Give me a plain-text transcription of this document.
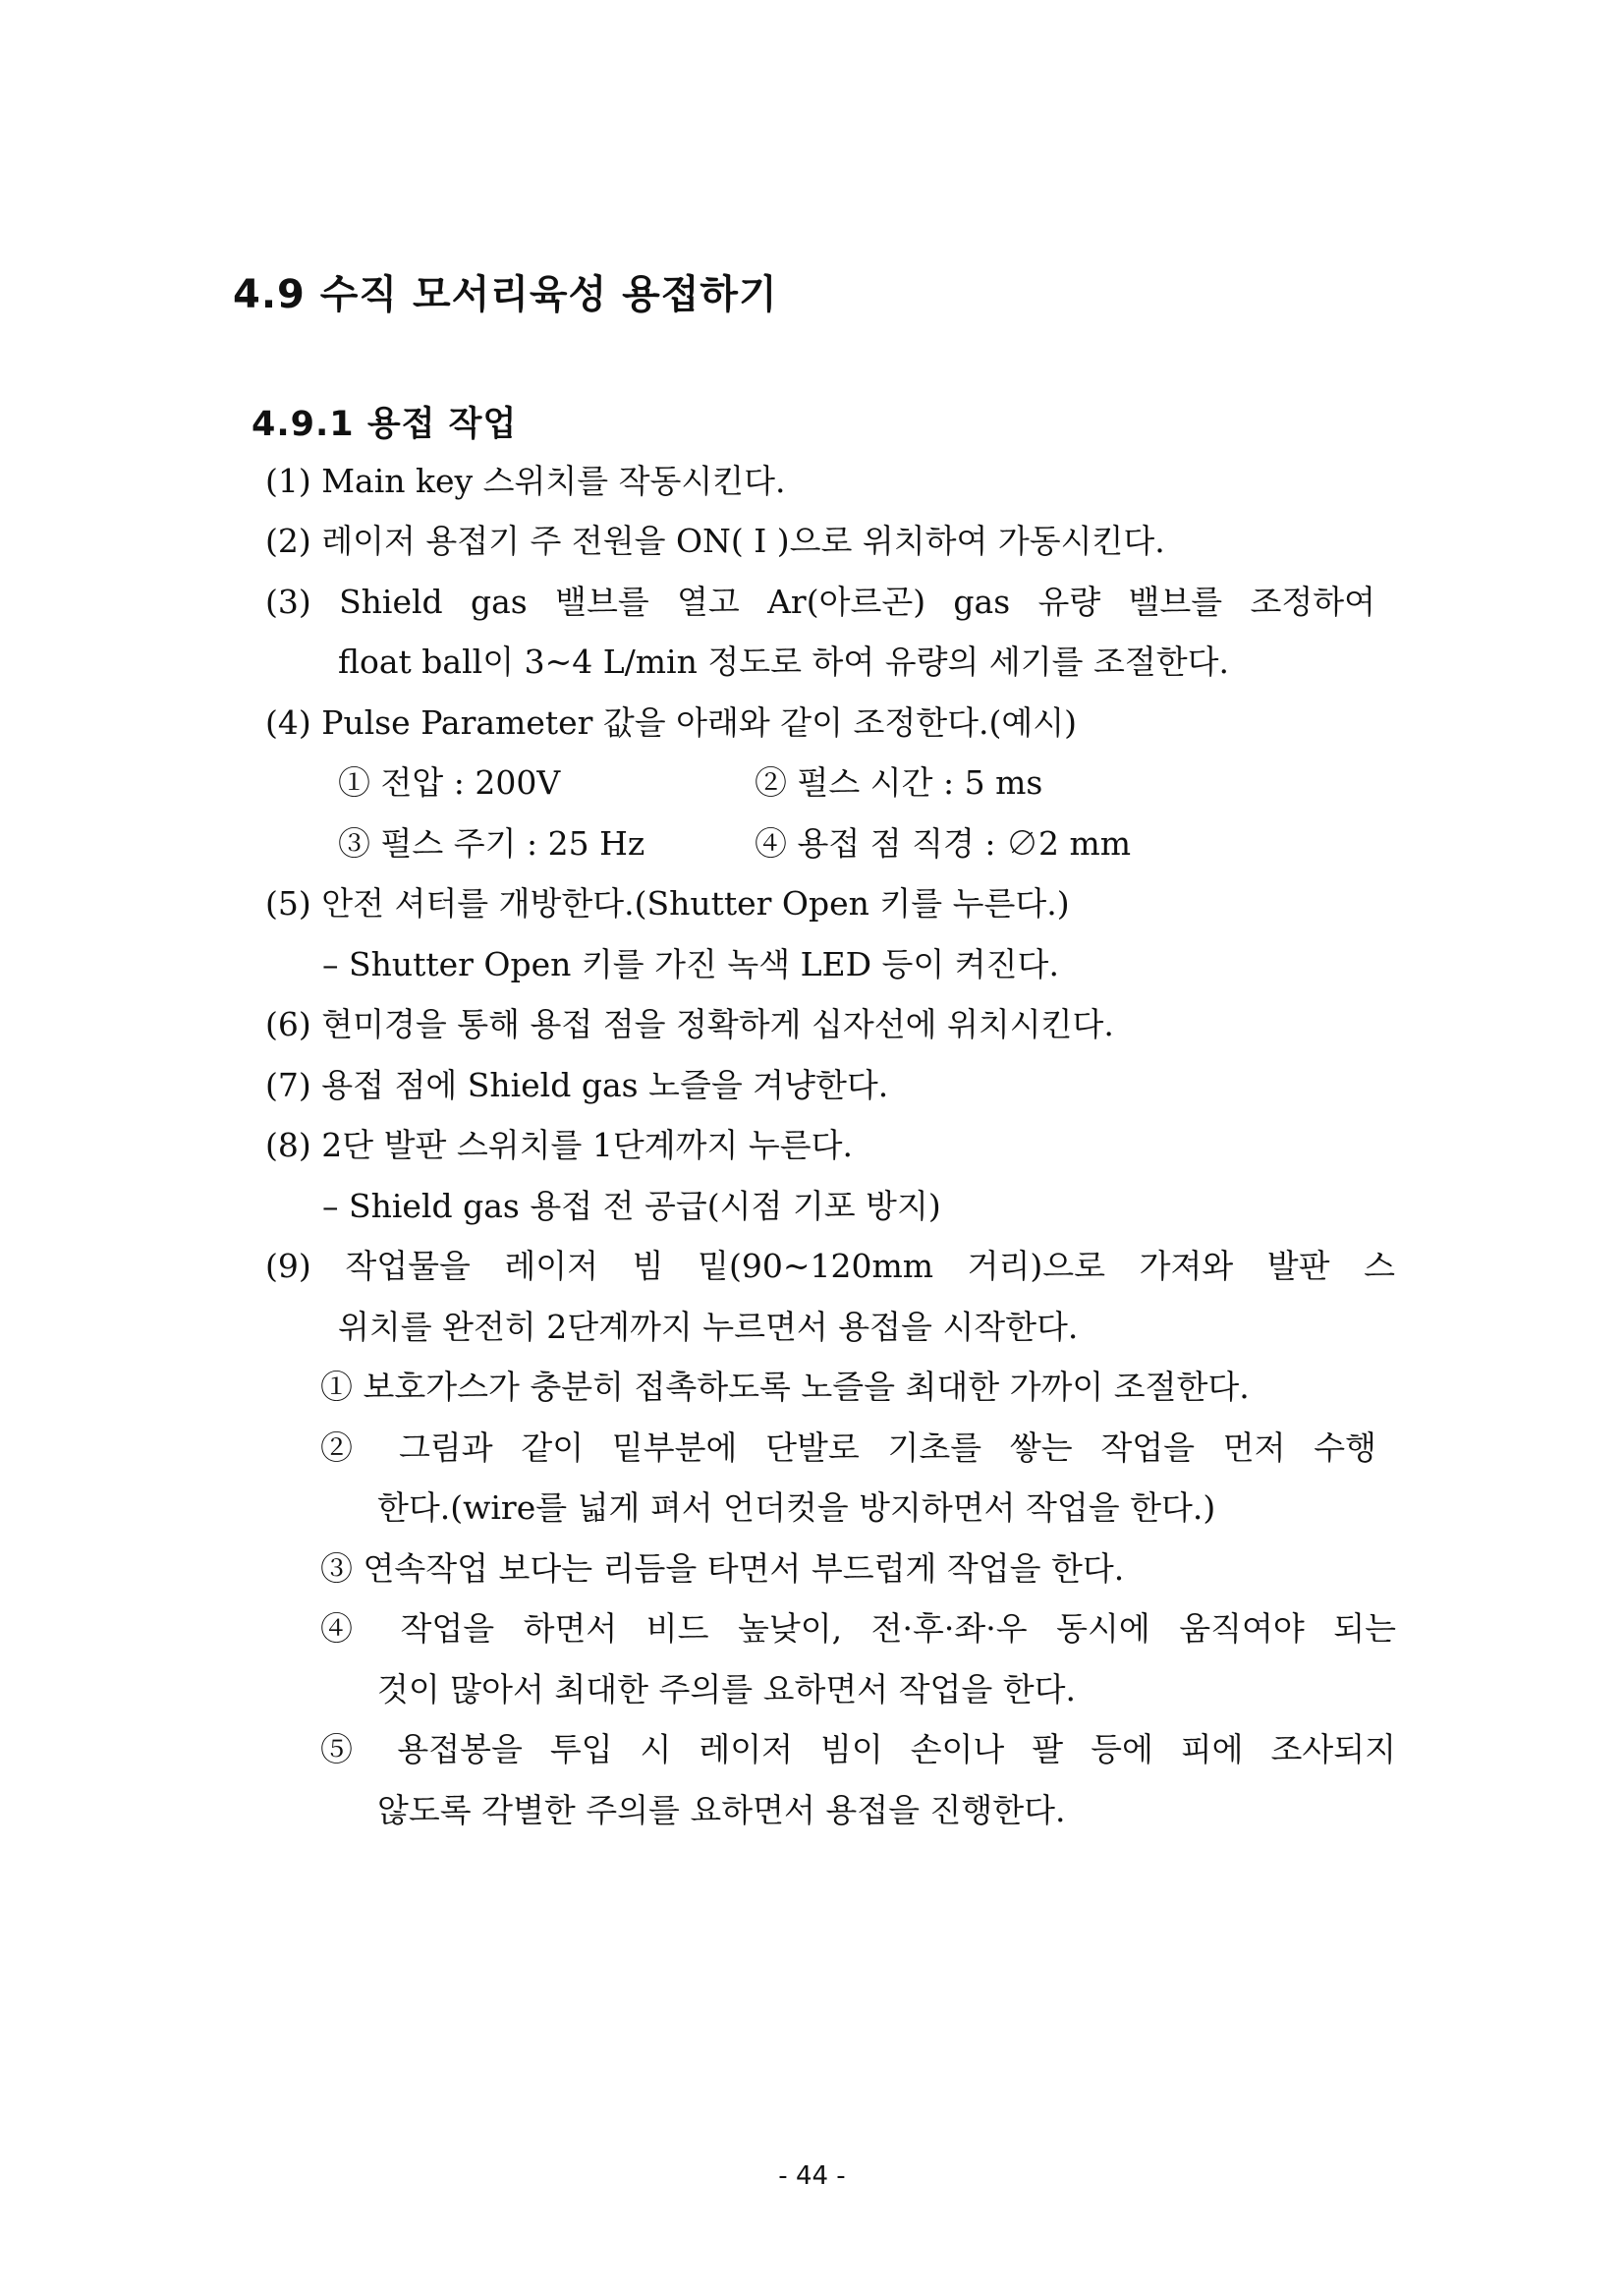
4.9 수직 모서리육성 용접하기
4.9.1 용접 작업
(1) Main key 스위치를 작동시킨다.
(2) 레이저 용접기 주 전원을 ON( I )으로 위치하여 가동시킨다.
(3) Shield gas 밸브를 열고 Ar(아르곤) gas 유량 밸브를 조정하여
float ball이 3~4 L/min 정도로 하여 유량의 세기를 조절한다.
(4) Pulse Parameter 값을 아래와 같이 조정한다.(예시)
① 전압 : 200V	② 펄스 시간 : 5 ms
③ 펄스 주기 : 25 Hz	④ 용접 점 직경 : ∅2 mm
(5) 안전 셔터를 개방한다.(Shutter Open 키를 누른다.)
– Shutter Open 키를 가진 녹색 LED 등이 켜진다.
(6) 현미경을 통해 용접 점을 정확하게 십자선에 위치시킨다.
(7) 용접 점에 Shield gas 노즐을 겨냥한다.
(8) 2단 발판 스위치를 1단계까지 누른다.
– Shield gas 용접 전 공급(시점 기포 방지)
(9) 작업물을 레이저 빔 밑(90~120mm 거리)으로 가져와 발판 스
위치를 완전히 2단계까지 누르면서 용접을 시작한다.
① 보호가스가 충분히 접촉하도록 노즐을 최대한 가까이 조절한다.
② 그림과 같이 밑부분에 단발로 기초를 쌓는 작업을 먼저 수행
한다.(wire를 넓게 펴서 언더컷을 방지하면서 작업을 한다.)
③ 연속작업 보다는 리듬을 타면서 부드럽게 작업을 한다.
④ 작업을 하면서 비드 높낮이, 전·후·좌·우 동시에 움직여야 되는
것이 많아서 최대한 주의를 요하면서 작업을 한다.
⑤ 용접봉을 투입 시 레이저 빔이 손이나 팔 등에 피에 조사되지
않도록 각별한 주의를 요하면서 용접을 진행한다.
- 44 -
